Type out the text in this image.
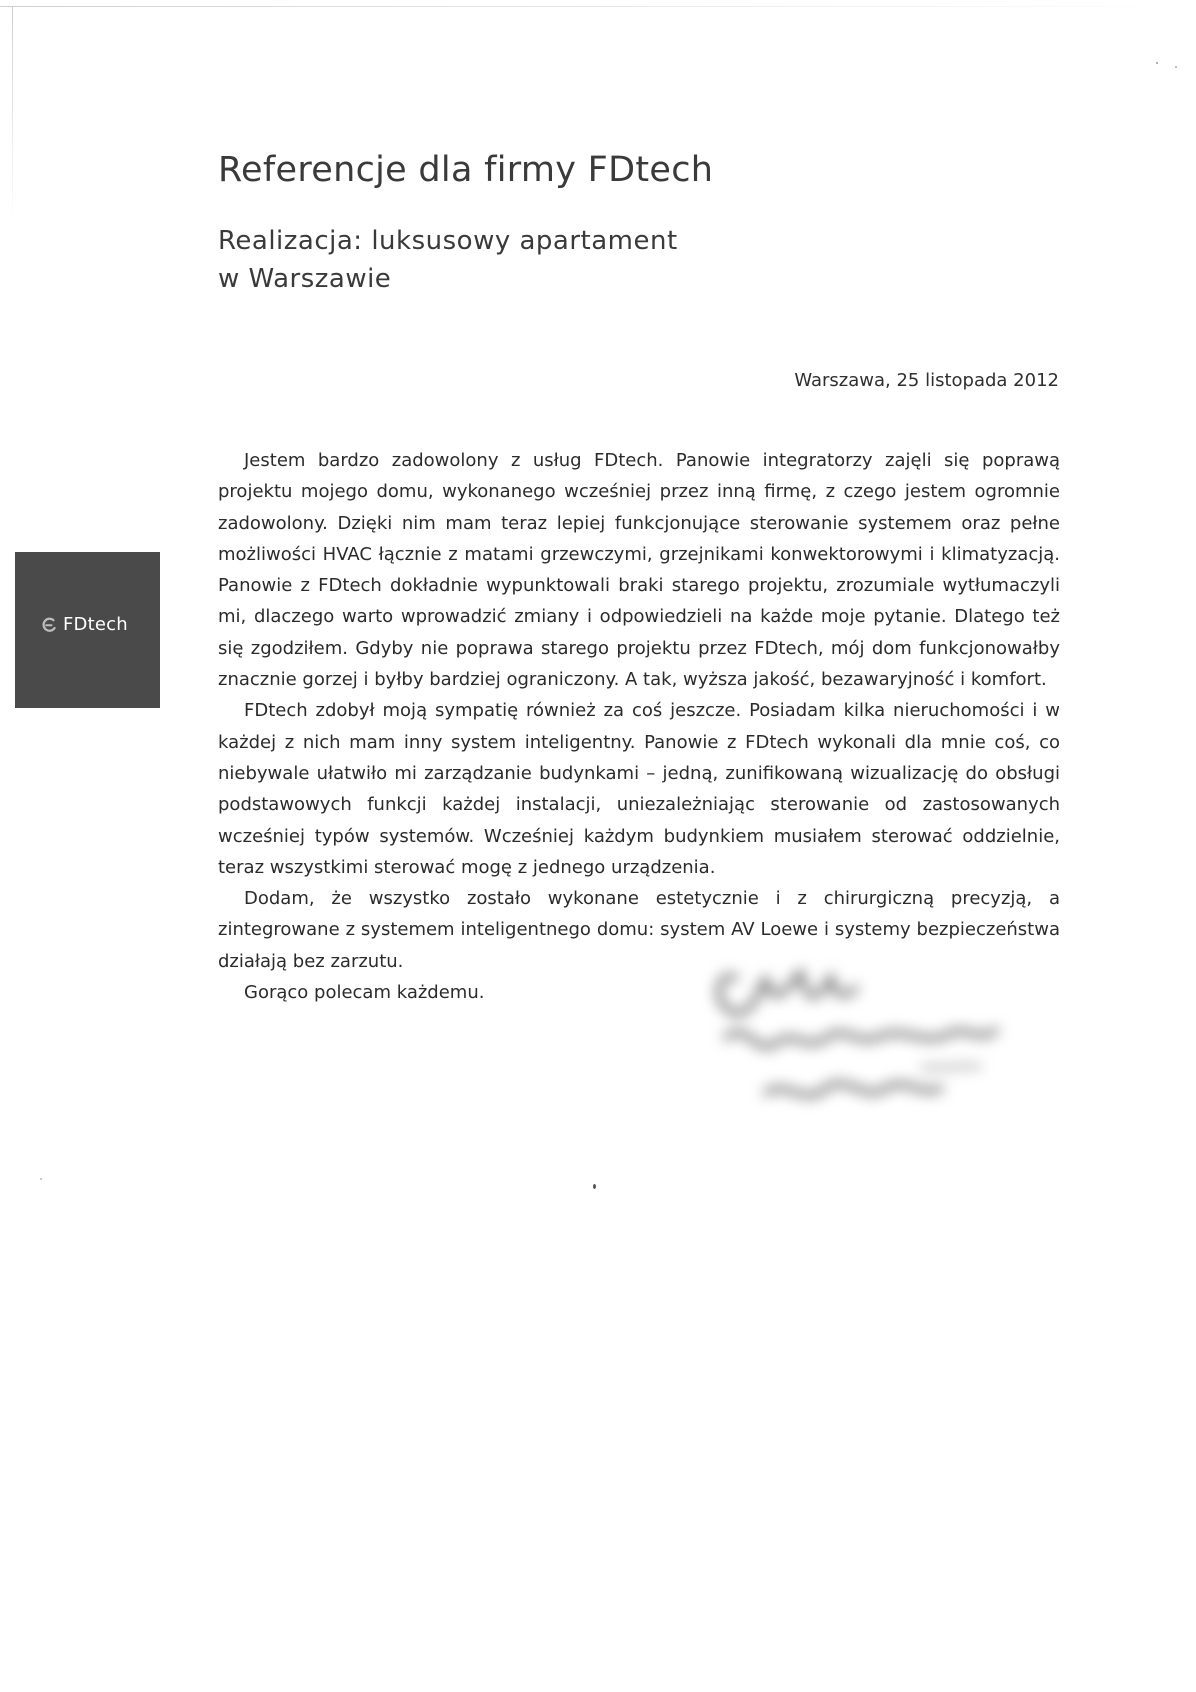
Referencje dla firmy FDtech
Realizacja: luksusowy apartament
w Warszawie
Warszawa, 25 listopada 2012
FDtech

Jestem bardzo zadowolony z usług FDtech. Panowie integratorzy zajęli się poprawą projektu mojego domu, wykonanego wcześniej przez inną firmę, z czego jestem ogromnie zadowolony. Dzięki nim mam teraz lepiej funkcjonujące sterowanie systemem oraz pełne możliwości HVAC łącznie z matami grzewczymi, grzejnikami konwektorowymi i klimatyzacją. Panowie z FDtech dokładnie wypunktowali braki starego projektu, zrozumiale wytłumaczyli mi, dlaczego warto wprowadzić zmiany i odpowiedzieli na każde moje pytanie. Dlatego też się zgodziłem. Gdyby nie poprawa starego projektu przez FDtech, mój dom funkcjonowałby znacznie gorzej i byłby bardziej ograniczony. A tak, wyższa jakość, bezawaryjność i komfort.

FDtech zdobył moją sympatię również za coś jeszcze. Posiadam kilka nieruchomości i w każdej z nich mam inny system inteligentny. Panowie z FDtech wykonali dla mnie coś, co niebywale ułatwiło mi zarządzanie budynkami – jedną, zunifikowaną wizualizację do obsługi podstawowych funkcji każdej instalacji, uniezależniając sterowanie od zastosowanych wcześniej typów systemów. Wcześniej każdym budynkiem musiałem sterować oddzielnie, teraz wszystkimi sterować mogę z jednego urządzenia.

Dodam, że wszystko zostało wykonane estetycznie i z chirurgiczną precyzją, a zintegrowane z systemem inteligentnego domu: system AV Loewe i systemy bezpieczeństwa działają bez zarzutu.

Gorąco polecam każdemu.
